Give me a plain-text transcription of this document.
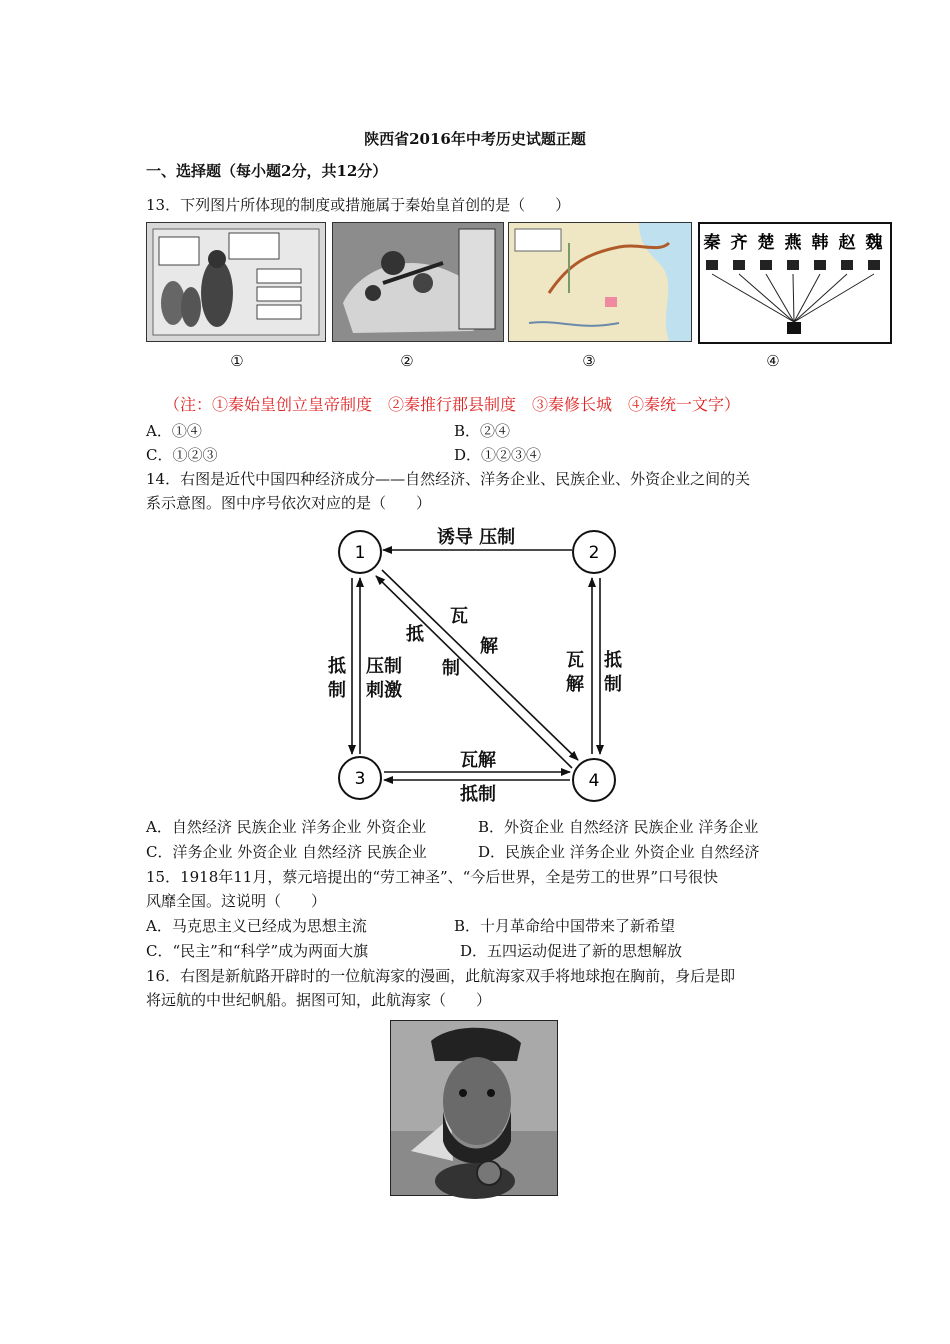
陕西省2016年中考历史试题正题
一、选择题（每小题2分，共12分）
13．下列图片所体现的制度或措施属于秦始皇首创的是（　　）
秦 齐 楚 燕 韩 赵 魏
①	②	③	④
（注：①秦始皇创立皇帝制度　②秦推行郡县制度　③秦修长城　④秦统一文字）
A．①④	B．②④
C．①②③	D．①②③④
14．右图是近代中国四种经济成分——自然经济、洋务企业、民族企业、外资企业之间的关
系示意图。图中序号依次对应的是（　　）
1	2
3	4
诱导 压制
抵
制
压制
刺激
抵
制
瓦
解
瓦
解
抵
制
瓦解
抵制
A．自然经济 民族企业 洋务企业 外资企业	B．外资企业 自然经济 民族企业 洋务企业
C．洋务企业 外资企业 自然经济 民族企业	D．民族企业 洋务企业 外资企业 自然经济
15．1918年11月，蔡元培提出的“劳工神圣”、“今后世界，全是劳工的世界”口号很快
风靡全国。这说明（　　）
A．马克思主义已经成为思想主流	B．十月革命给中国带来了新希望
C．“民主”和“科学”成为两面大旗	D．五四运动促进了新的思想解放
16．右图是新航路开辟时的一位航海家的漫画，此航海家双手将地球抱在胸前，身后是即
将远航的中世纪帆船。据图可知，此航海家（　　）
